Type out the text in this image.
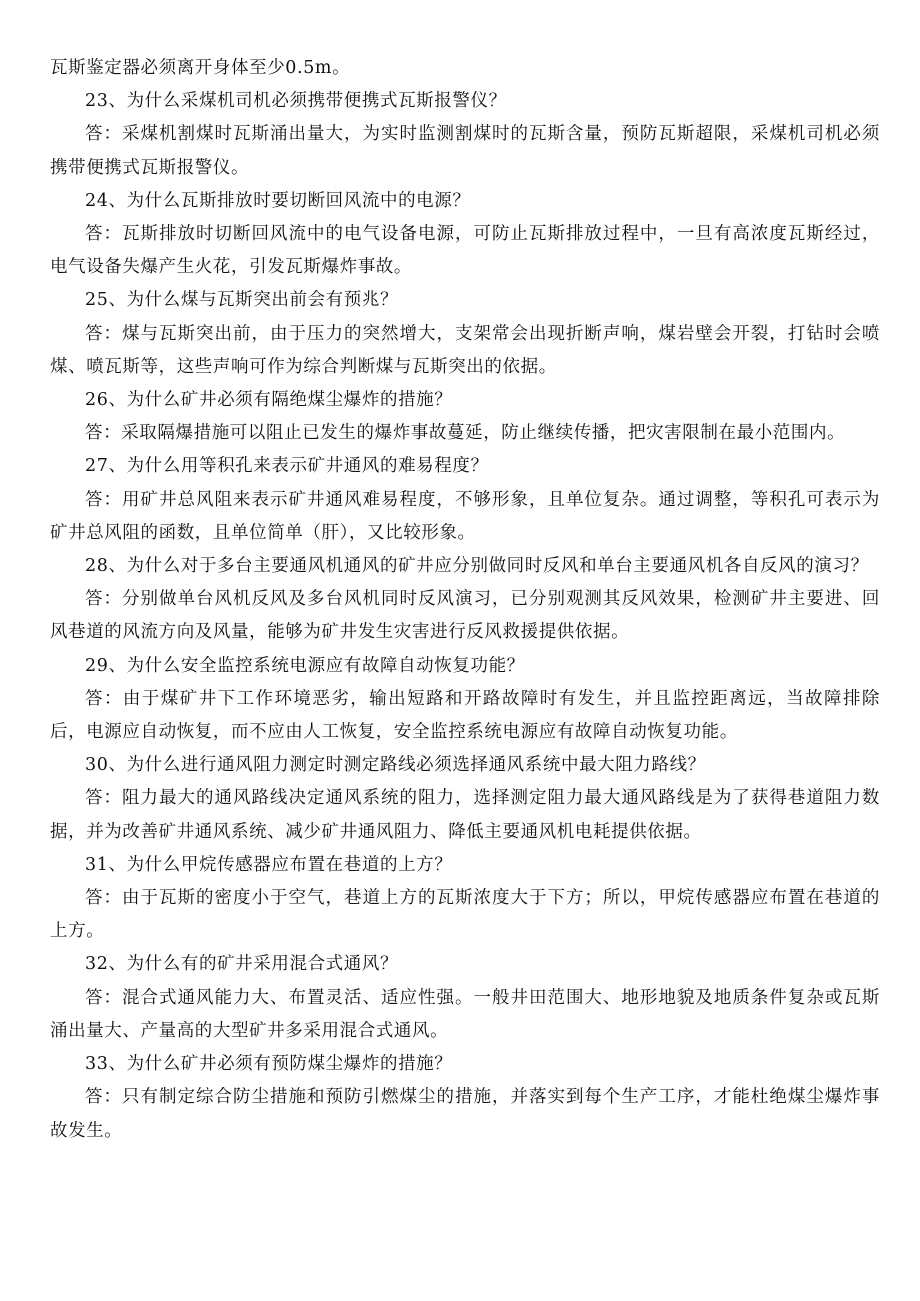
瓦斯鉴定器必须离开身体至少0.5m。

23、为什么采煤机司机必须携带便携式瓦斯报警仪？

答：采煤机割煤时瓦斯涌出量大，为实时监测割煤时的瓦斯含量，预防瓦斯超限，采煤机司机必须携带便携式瓦斯报警仪。

24、为什么瓦斯排放时要切断回风流中的电源？

答：瓦斯排放时切断回风流中的电气设备电源，可防止瓦斯排放过程中，一旦有高浓度瓦斯经过，电气设备失爆产生火花，引发瓦斯爆炸事故。

25、为什么煤与瓦斯突出前会有预兆？

答：煤与瓦斯突出前，由于压力的突然增大，支架常会出现折断声响，煤岩壁会开裂，打钻时会喷煤、喷瓦斯等，这些声响可作为综合判断煤与瓦斯突出的依据。

26、为什么矿井必须有隔绝煤尘爆炸的措施？

答：采取隔爆措施可以阻止已发生的爆炸事故蔓延，防止继续传播，把灾害限制在最小范围内。

27、为什么用等积孔来表示矿井通风的难易程度？

答：用矿井总风阻来表示矿井通风难易程度，不够形象，且单位复杂。通过调整，等积孔可表示为矿井总风阻的函数，且单位简单（肝），又比较形象。

28、为什么对于多台主要通风机通风的矿井应分别做同时反风和单台主要通风机各自反风的演习？

答：分别做单台风机反风及多台风机同时反风演习，已分别观测其反风效果，检测矿井主要进、回风巷道的风流方向及风量，能够为矿井发生灾害进行反风救援提供依据。

29、为什么安全监控系统电源应有故障自动恢复功能？

答：由于煤矿井下工作环境恶劣，输出短路和开路故障时有发生，并且监控距离远，当故障排除后，电源应自动恢复，而不应由人工恢复，安全监控系统电源应有故障自动恢复功能。

30、为什么进行通风阻力测定时测定路线必须选择通风系统中最大阻力路线？

答：阻力最大的通风路线决定通风系统的阻力，选择测定阻力最大通风路线是为了获得巷道阻力数据，并为改善矿井通风系统、减少矿井通风阻力、降低主要通风机电耗提供依据。

31、为什么甲烷传感器应布置在巷道的上方？

答：由于瓦斯的密度小于空气，巷道上方的瓦斯浓度大于下方；所以，甲烷传感器应布置在巷道的上方。

32、为什么有的矿井采用混合式通风？

答：混合式通风能力大、布置灵活、适应性强。一般井田范围大、地形地貌及地质条件复杂或瓦斯涌出量大、产量高的大型矿井多采用混合式通风。

33、为什么矿井必须有预防煤尘爆炸的措施？

答：只有制定综合防尘措施和预防引燃煤尘的措施，并落实到每个生产工序，才能杜绝煤尘爆炸事故发生。
